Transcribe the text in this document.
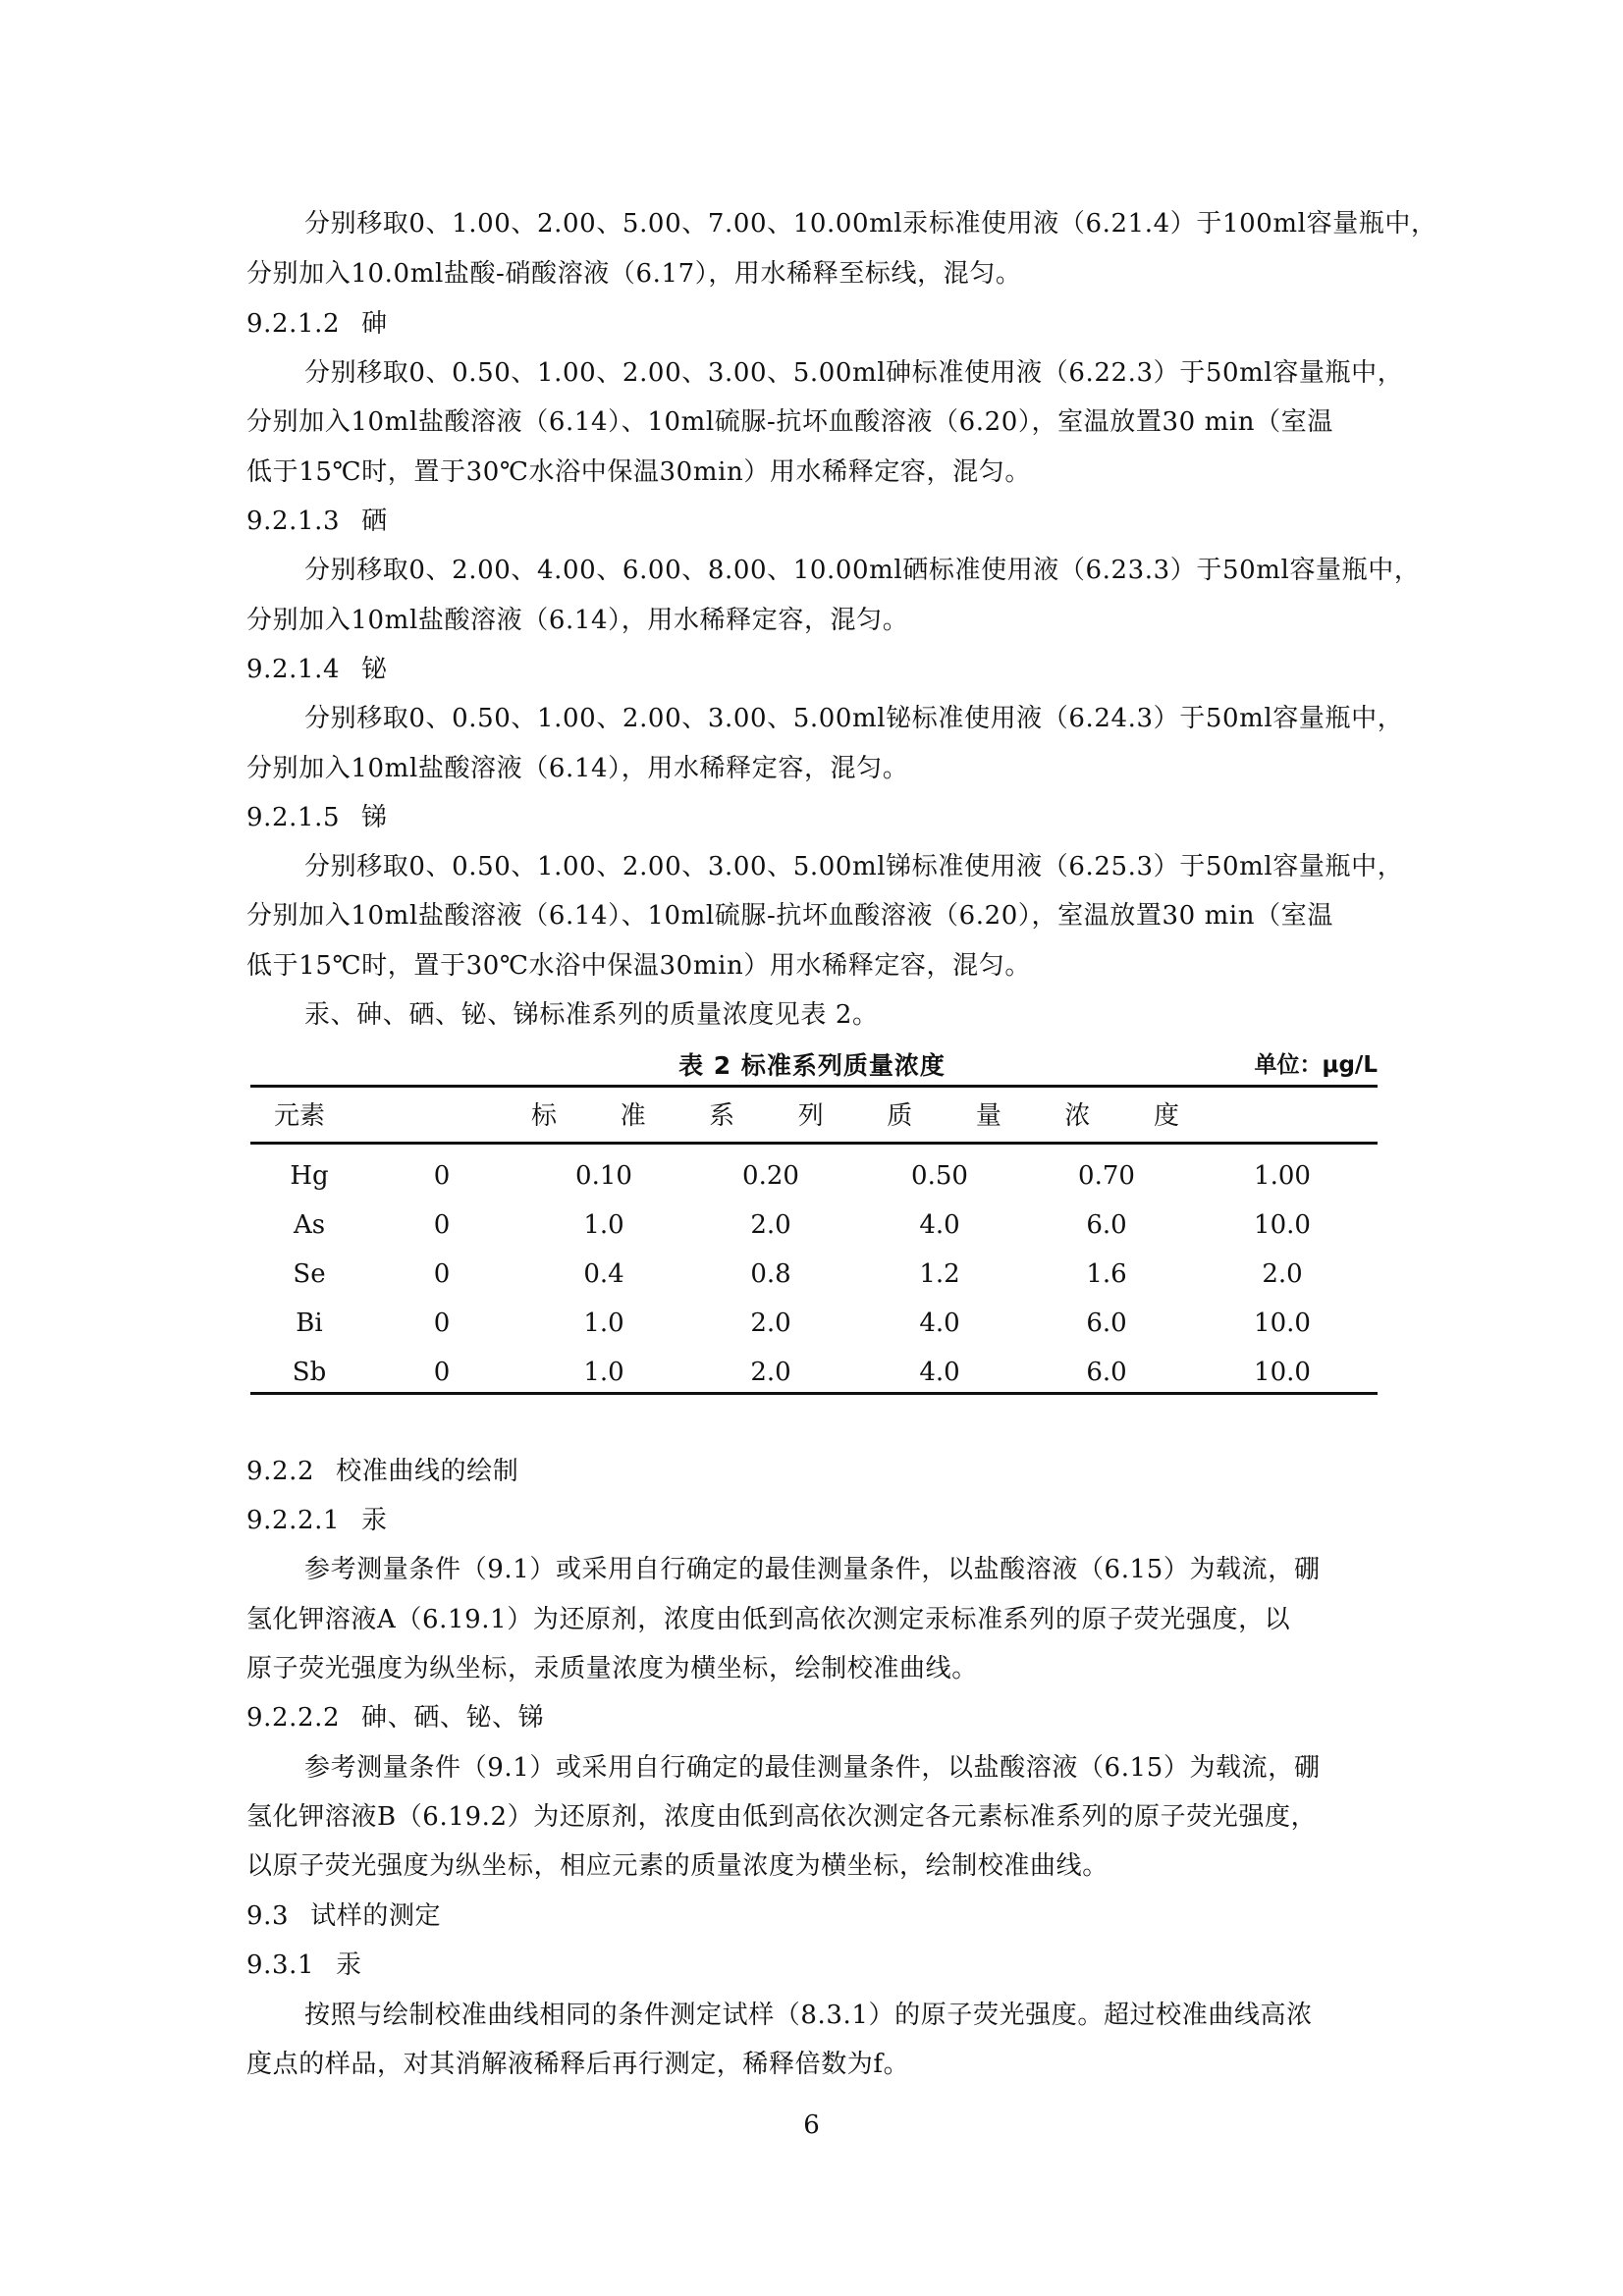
分别移取0、1.00、2.00、5.00、7.00、10.00ml汞标准使用液（6.21.4）于100ml容量瓶中，
分别加入10.0ml盐酸-硝酸溶液（6.17），用水稀释至标线，混匀。
9.2.1.2 砷
分别移取0、0.50、1.00、2.00、3.00、5.00ml砷标准使用液（6.22.3）于50ml容量瓶中，
分别加入10ml盐酸溶液（6.14）、10ml硫脲-抗坏血酸溶液（6.20），室温放置30 min（室温
低于15℃时，置于30℃水浴中保温30min）用水稀释定容，混匀。
9.2.1.3 硒
分别移取0、2.00、4.00、6.00、8.00、10.00ml硒标准使用液（6.23.3）于50ml容量瓶中，
分别加入10ml盐酸溶液（6.14），用水稀释定容，混匀。
9.2.1.4 铋
分别移取0、0.50、1.00、2.00、3.00、5.00ml铋标准使用液（6.24.3）于50ml容量瓶中，
分别加入10ml盐酸溶液（6.14），用水稀释定容，混匀。
9.2.1.5 锑
分别移取0、0.50、1.00、2.00、3.00、5.00ml锑标准使用液（6.25.3）于50ml容量瓶中，
分别加入10ml盐酸溶液（6.14）、10ml硫脲-抗坏血酸溶液（6.20），室温放置30 min（室温
低于15℃时，置于30℃水浴中保温30min）用水稀释定容，混匀。
汞、砷、硒、铋、锑标准系列的质量浓度见表 2。
表 2 标准系列质量浓度	单位：μg/L
元素	标 准 系 列 质 量 浓 度
Hg	0	0.10	0.20	0.50	0.70	1.00
As	0	1.0	2.0	4.0	6.0	10.0
Se	0	0.4	0.8	1.2	1.6	2.0
Bi	0	1.0	2.0	4.0	6.0	10.0
Sb	0	1.0	2.0	4.0	6.0	10.0
9.2.2 校准曲线的绘制
9.2.2.1 汞
参考测量条件（9.1）或采用自行确定的最佳测量条件，以盐酸溶液（6.15）为载流，硼
氢化钾溶液A（6.19.1）为还原剂，浓度由低到高依次测定汞标准系列的原子荧光强度，以
原子荧光强度为纵坐标，汞质量浓度为横坐标，绘制校准曲线。
9.2.2.2 砷、硒、铋、锑
参考测量条件（9.1）或采用自行确定的最佳测量条件，以盐酸溶液（6.15）为载流，硼
氢化钾溶液B（6.19.2）为还原剂，浓度由低到高依次测定各元素标准系列的原子荧光强度，
以原子荧光强度为纵坐标，相应元素的质量浓度为横坐标，绘制校准曲线。
9.3 试样的测定
9.3.1 汞
按照与绘制校准曲线相同的条件测定试样（8.3.1）的原子荧光强度。超过校准曲线高浓
度点的样品，对其消解液稀释后再行测定，稀释倍数为f。
6
